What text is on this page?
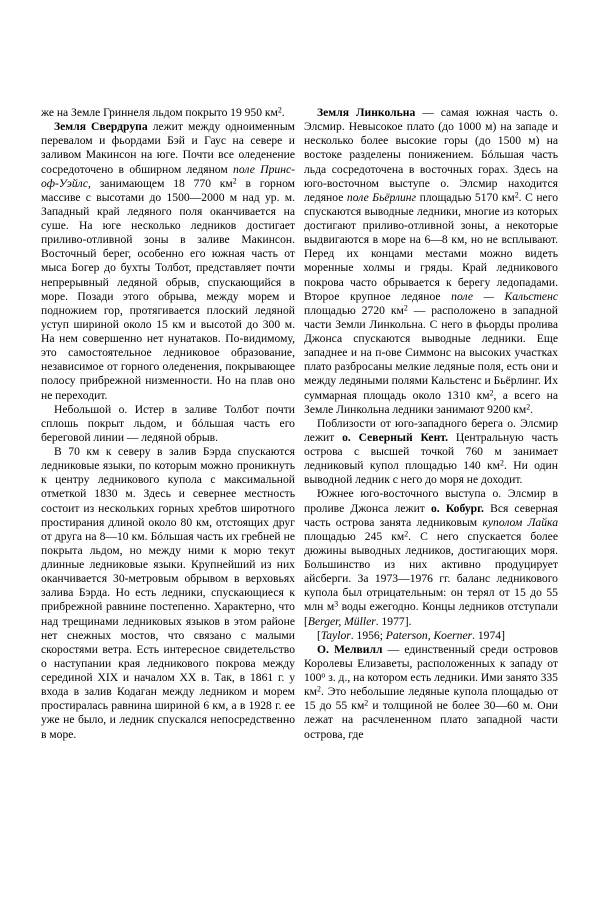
же на Земле Гриннеля льдом покрыто 19 950 $км^2$.

Земля Свердрупа лежит между одноименным перевалом и фьордами Бэй и Гаус на севере и заливом Макинсон на юге. Почти все оледенение сосредоточено в обширном ледяном поле Принс-оф-Уэйлс, занимающем 18 770 $км^2$ в горном массиве с высотами до 1500—2000 м над ур. м. Западный край ледяного поля оканчивается на суше. На юге несколько ледников достигает приливо-отливной зоны в заливе Макинсон. Восточный берег, особенно его южная часть от мыса Богер до бухты Толбот, представляет почти непрерывный ледяной обрыв, спускающийся в море. Позади этого обрыва, между морем и подножием гор, протягивается плоский ледяной уступ шириной около 15 км и высотой до 300 м. На нем совершенно нет нунатаков. По-видимому, это самостоятельное ледниковое образование, независимое от горного оледенения, покрывающее полосу прибрежной низменности. Но на плав оно не переходит.

Небольшой о. Истер в заливе Толбот почти сплошь покрыт льдом, и бóльшая часть его береговой линии — ледяной обрыв.

В 70 км к северу в залив Бэрда спускаются ледниковые языки, по которым можно проникнуть к центру ледникового купола с максимальной отметкой 1830 м. Здесь и севернее местность состоит из нескольких горных хребтов широтного простирания длиной около 80 км, отстоящих друг от друга на 8—10 км. Бóльшая часть их гребней не покрыта льдом, но между ними к морю текут длинные ледниковые языки. Крупнейший из них оканчивается 30-метровым обрывом в верховьях залива Бэрда. Но есть ледники, спускающиеся к прибрежной равнине постепенно. Характерно, что над трещинами ледниковых языков в этом районе нет снежных мостов, что связано с малыми скоростями ветра. Есть интересное свидетельство о наступании края ледникового покрова между серединой XIX и началом XX в. Так, в 1861 г. у входа в залив Кодаган между ледником и морем простиралась равнина шириной 6 км, а в 1928 г. ее уже не было, и ледник спускался непосредственно в море.

Земля Линкольна — самая южная часть о. Элсмир. Невысокое плато (до 1000 м) на западе и несколько более высокие горы (до 1500 м) на востоке разделены понижением. Бóльшая часть льда сосредоточена в восточных горах. Здесь на юго-восточном выступе о. Элсмир находится ледяное поле Бьёрлинг площадью 5170 $км^2$. С него спускаются выводные ледники, многие из которых достигают приливо-отливной зоны, а некоторые выдвигаются в море на 6—8 км, но не всплывают. Перед их концами местами можно видеть моренные холмы и гряды. Край ледникового покрова часто обрывается к берегу ледопадами. Второе крупное ледяное поле — Кальстенс площадью 2720 $км^2$ — расположено в западной части Земли Линкольна. С него в фьорды пролива Джонса спускаются выводные ледники. Еще западнее и на п-ове Симмонс на высоких участках плато разбросаны мелкие ледяные поля, есть они и между ледяными полями Кальстенс и Бьёрлинг. Их суммарная площадь около 1310 $км^2$, а всего на Земле Линкольна ледники занимают 9200 $км^2$.

Поблизости от юго-западного берега о. Элсмир лежит о. Северный Кент. Центральную часть острова с высшей точкой 760 м занимает ледниковый купол площадью 140 $км^2$. Ни один выводной ледник с него до моря не доходит.

Южнее юго-восточного выступа о. Элсмир в проливе Джонса лежит о. Кобург. Вся северная часть острова занята ледниковым куполом Лайка площадью 245 $км^2$. С него спускается более дюжины выводных ледников, достигающих моря. Большинство из них активно продуцирует айсберги. За 1973—1976 гг. баланс ледникового купола был отрицательным: он терял от 15 до 55 млн $м^3$ воды ежегодно. Концы ледников отступали [Berger, Müller. 1977].

[Taylor. 1956; Paterson, Koerner. 1974]

О. Мелвилл — единственный среди островов Королевы Елизаветы, расположенных к западу от $100^о$ з. д., на котором есть ледники. Ими занято 335 $км^2$. Это небольшие ледяные купола площадью от 15 до 55 $км^2$ и толщиной не более 30—60 м. Они лежат на расчлененном плато западной части острова, где
